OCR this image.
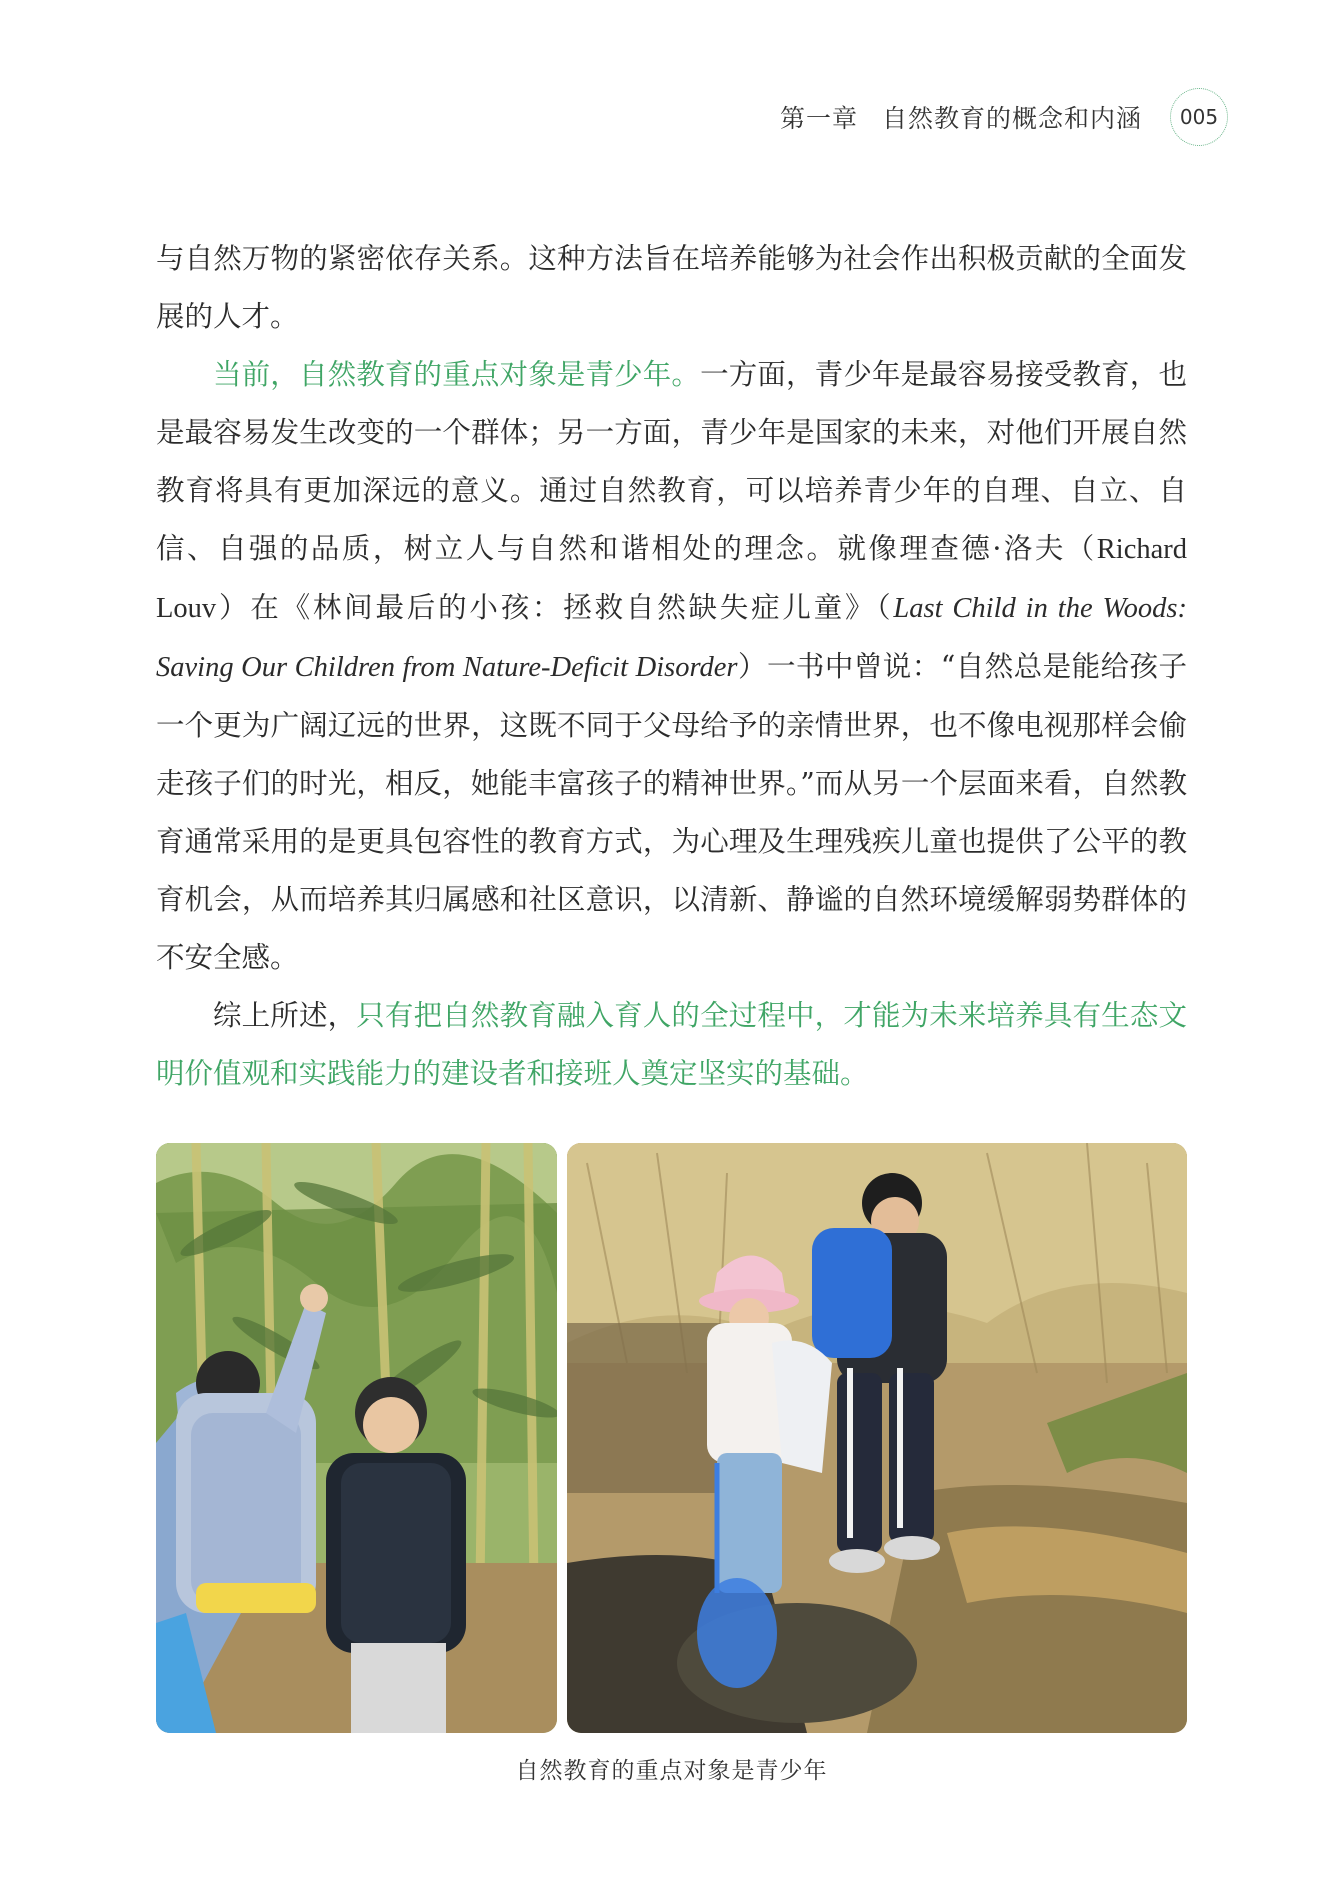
第一章 自然教育的概念和内涵	005

与自然万物的紧密依存关系。这种方法旨在培养能够为社会作出积极贡献的全面发展的人才。

当前，自然教育的重点对象是青少年。一方面，青少年是最容易接受教育，也是最容易发生改变的一个群体；另一方面，青少年是国家的未来，对他们开展自然教育将具有更加深远的意义。通过自然教育，可以培养青少年的自理、自立、自信、自强的品质，树立人与自然和谐相处的理念。就像理查德·洛夫（Richard Louv）在《林间最后的小孩：拯救自然缺失症儿童》（Last Child in the Woods: Saving Our Children from Nature-Deficit Disorder）一书中曾说：“自然总是能给孩子一个更为广阔辽远的世界，这既不同于父母给予的亲情世界，也不像电视那样会偷走孩子们的时光，相反，她能丰富孩子的精神世界。”而从另一个层面来看，自然教育通常采用的是更具包容性的教育方式，为心理及生理残疾儿童也提供了公平的教育机会，从而培养其归属感和社区意识，以清新、静谧的自然环境缓解弱势群体的不安全感。

综上所述，只有把自然教育融入育人的全过程中，才能为未来培养具有生态文明价值观和实践能力的建设者和接班人奠定坚实的基础。

自然教育的重点对象是青少年
